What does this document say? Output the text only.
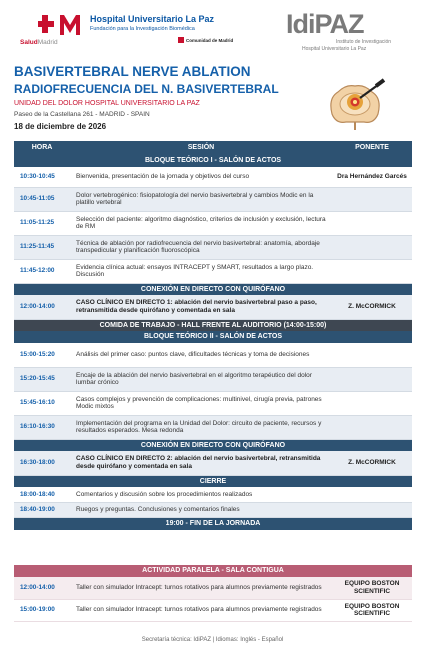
SaludMadrid
Hospital Universitario La Paz
Fundación para la Investigación Biomédica
Comunidad de Madrid
IdiPAZ
Instituto de Investigación
Hospital Universitario La Paz
BASIVERTEBRAL NERVE ABLATION
RADIOFRECUENCIA DEL N. BASIVERTEBRAL
UNIDAD DEL DOLOR HOSPITAL UNIVERSITARIO LA PAZ
Paseo de la Castellana 261 - MADRID - SPAIN
18 de diciembre de 2026
HORA	SESIÓN	PONENTE
BLOQUE TEÓRICO I - SALÓN DE ACTOS		
10:30-10:45	Bienvenida, presentación de la jornada y objetivos del curso	Dra Hernández Garcés
10:45-11:05	Dolor vertebrogénico: fisiopatología del nervio basivertebral y cambios Modic en la platillo vertebral	
11:05-11:25	Selección del paciente: algoritmo diagnóstico, criterios de inclusión y exclusión, lectura de RM	
11:25-11:45	Técnica de ablación por radiofrecuencia del nervio basivertebral: anatomía, abordaje transpedicular y planificación fluoroscópica	
11:45-12:00	Evidencia clínica actual: ensayos INTRACEPT y SMART, resultados a largo plazo. Discusión	
CONEXIÓN EN DIRECTO CON QUIRÓFANO		
12:00-14:00	CASO CLÍNICO EN DIRECTO 1: ablación del nervio basivertebral paso a paso, retransmitida desde quirófano y comentada en sala	Z. McCORMICK
COMIDA DE TRABAJO - HALL FRENTE AL AUDITORIO (14:00-15:00)		
BLOQUE TEÓRICO II - SALÓN DE ACTOS		
15:00-15:20	Análisis del primer caso: puntos clave, dificultades técnicas y toma de decisiones	
15:20-15:45	Encaje de la ablación del nervio basivertebral en el algoritmo terapéutico del dolor lumbar crónico	
15:45-16:10	Casos complejos y prevención de complicaciones: multinivel, cirugía previa, patrones Modic mixtos	
16:10-16:30	Implementación del programa en la Unidad del Dolor: circuito de paciente, recursos y resultados esperados. Mesa redonda	
CONEXIÓN EN DIRECTO CON QUIRÓFANO		
16:30-18:00	CASO CLÍNICO EN DIRECTO 2: ablación del nervio basivertebral, retransmitida desde quirófano y comentada en sala	Z. McCORMICK
CIERRE		
18:00-18:40	Comentarios y discusión sobre los procedimientos realizados	
18:40-19:00	Ruegos y preguntas. Conclusiones y comentarios finales	
19:00 - FIN DE LA JORNADA		
ACTIVIDAD PARALELA - SALA CONTIGUA		
12:00-14:00	Taller con simulador Intracept: turnos rotativos para alumnos previamente registrados	EQUIPO BOSTON SCIENTIFIC
15:00-19:00	Taller con simulador Intracept: turnos rotativos para alumnos previamente registrados	EQUIPO BOSTON SCIENTIFIC
Secretaría técnica: IdiPAZ | Idiomas: Inglés - Español
